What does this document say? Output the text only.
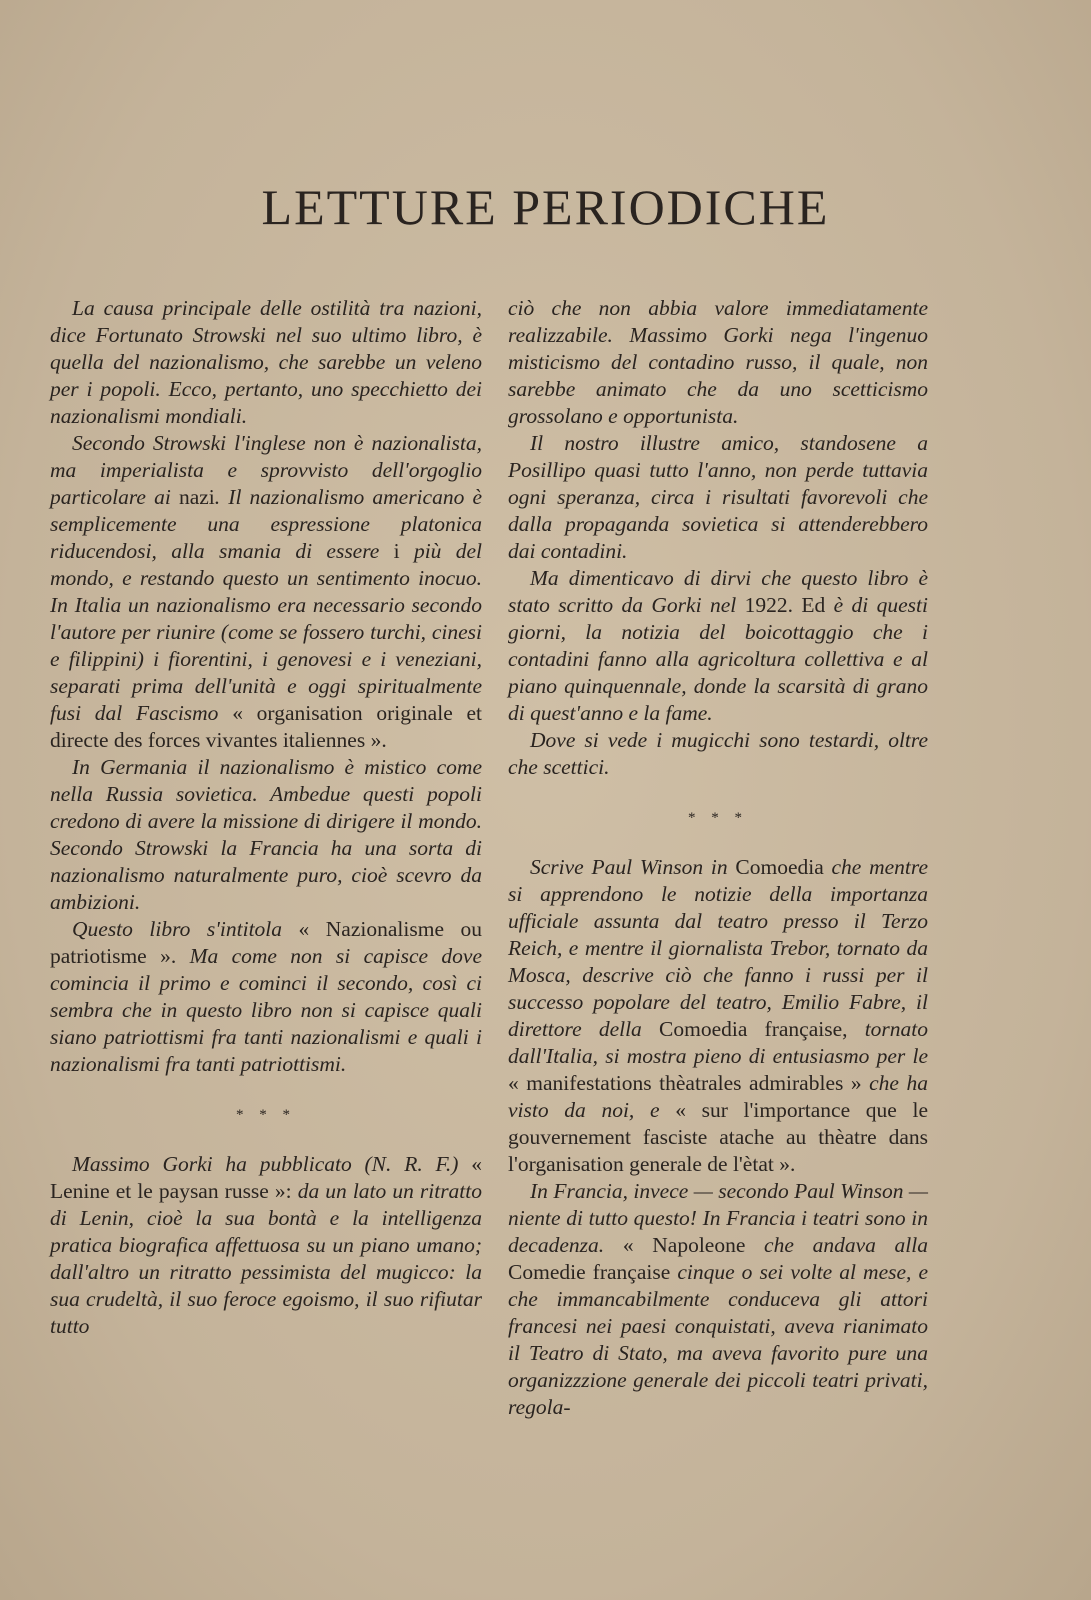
LETTURE PERIODICHE

La causa principale delle ostilità tra nazioni, dice Fortunato Strowski nel suo ultimo libro, è quella del nazionalismo, che sarebbe un veleno per i popoli. Ecco, pertanto, uno specchietto dei nazionalismi mondiali.

Secondo Strowski l'inglese non è nazionalista, ma imperialista e sprovvisto dell'orgoglio particolare ai nazi. Il nazionalismo americano è semplicemente una espressione platonica riducendosi, alla smania di essere i più del mondo, e restando questo un sentimento inocuo. In Italia un nazionalismo era necessario secondo l'autore per riunire (come se fossero turchi, cinesi e filippini) i fiorentini, i genovesi e i veneziani, separati prima dell'unità e oggi spiritualmente fusi dal Fascismo « organisation originale et directe des forces vivantes italiennes ».

In Germania il nazionalismo è mistico come nella Russia sovietica. Ambedue questi popoli credono di avere la missione di dirigere il mondo. Secondo Strowski la Francia ha una sorta di nazionalismo naturalmente puro, cioè scevro da ambizioni.

Questo libro s'intitola « Nazionalisme ou patriotisme ». Ma come non si capisce dove comincia il primo e cominci il secondo, così ci sembra che in questo libro non si capisce quali siano patriottismi fra tanti nazionalismi e quali i nazionalismi fra tanti patriottismi.

* * *

Massimo Gorki ha pubblicato (N. R. F.) « Lenine et le paysan russe »: da un lato un ritratto di Lenin, cioè la sua bontà e la intelligenza pratica biografica affettuosa su un piano umano; dall'altro un ritratto pessimista del mugicco: la sua crudeltà, il suo feroce egoismo, il suo rifiutar tutto

ciò che non abbia valore immediatamente realizzabile. Massimo Gorki nega l'ingenuo misticismo del contadino russo, il quale, non sarebbe animato che da uno scetticismo grossolano e opportunista.

Il nostro illustre amico, standosene a Posillipo quasi tutto l'anno, non perde tuttavia ogni speranza, circa i risultati favorevoli che dalla propaganda sovietica si attenderebbero dai contadini.

Ma dimenticavo di dirvi che questo libro è stato scritto da Gorki nel 1922. Ed è di questi giorni, la notizia del boicottaggio che i contadini fanno alla agricoltura collettiva e al piano quinquennale, donde la scarsità di grano di quest'anno e la fame.

Dove si vede i mugicchi sono testardi, oltre che scettici.

* * *

Scrive Paul Winson in Comoedia che mentre si apprendono le notizie della importanza ufficiale assunta dal teatro presso il Terzo Reich, e mentre il giornalista Trebor, tornato da Mosca, descrive ciò che fanno i russi per il successo popolare del teatro, Emilio Fabre, il direttore della Comoedia française, tornato dall'Italia, si mostra pieno di entusiasmo per le « manifestations thèatrales admirables » che ha visto da noi, e « sur l'importance que le gouvernement fasciste atache au thèatre dans l'organisation generale de l'ètat ».

In Francia, invece — secondo Paul Winson — niente di tutto questo! In Francia i teatri sono in decadenza. « Napoleone che andava alla Comedie française cinque o sei volte al mese, e che immancabilmente conduceva gli attori francesi nei paesi conquistati, aveva rianimato il Teatro di Stato, ma aveva favorito pure una organizzzione generale dei piccoli teatri privati, regola-
